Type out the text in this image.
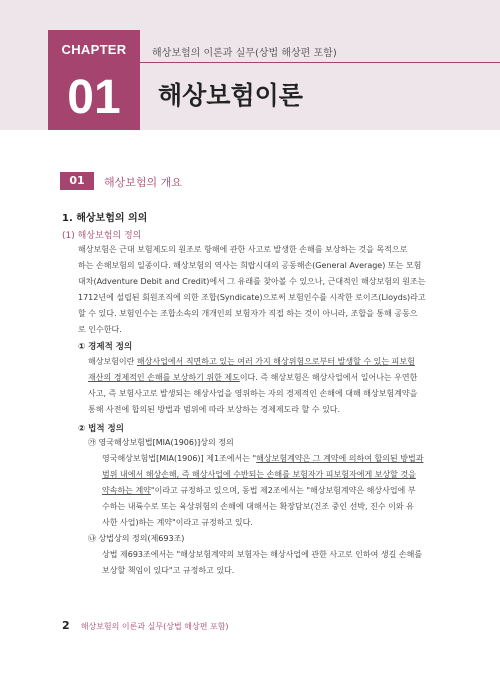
CHAPTER
01
해상보험의 이론과 실무(상법 해상편 포함)
해상보험이론
01	해상보험의 개요
1. 해상보험의 의의
(1) 해상보험의 정의
해상보험은 근대 보험제도의 원조로 항해에 관한 사고로 발생한 손해를 보상하는 것을 목적으로
하는 손해보험의 일종이다. 해상보험의 역사는 희랍시대의 공동해손(General Average) 또는 모험
대차(Adventure Debit and Credit)에서 그 유래를 찾아볼 수 있으나, 근대적인 해상보험의 원조는
1712년에 설립된 회원조직에 의한 조합(Syndicate)으로써 보험인수를 시작한 로이즈(Lloyds)라고
할 수 있다. 보험인수는 조합소속의 개개인의 보험자가 직접 하는 것이 아니라, 조합을 통해 공동으
로 인수한다.
① 경제적 정의
해상보험이란 해상사업에서 직면하고 있는 여러 가지 해상위험으로부터 발생할 수 있는 피보험
재산의 경제적인 손해를 보상하기 위한 제도이다. 즉 해상보험은 해상사업에서 일어나는 우연한
사고, 즉 보험사고로 발생되는 해상사업을 영위하는 자의 경제적인 손해에 대해 해상보험계약을
통해 사전에 합의된 방법과 범위에 따라 보상하는 경제제도라 할 수 있다.
② 법적 정의
㉮ 영국해상보험법[MIA(1906)]상의 정의
영국해상보험법[MIA(1906)] 제1조에서는 "해상보험계약은 그 계약에 의하여 합의된 방법과
범위 내에서 해상손해, 즉 해상사업에 수반되는 손해를 보험자가 피보험자에게 보상할 것을
약속하는 계약"이라고 규정하고 있으며, 동법 제2조에서는 "해상보험계약은 해상사업에 부
수하는 내륙수로 또는 육상위험의 손해에 대해서는 확장담보(건조 중인 선박, 진수 이와 유
사한 사업)하는 계약"이라고 규정하고 있다.
㉯ 상법상의 정의(제693조)
상법 제693조에서는 "해상보험계약의 보험자는 해상사업에 관한 사고로 인하여 생길 손해를
보상할 책임이 있다"고 규정하고 있다.
2 해상보험의 이론과 실무(상법 해상편 포함)
